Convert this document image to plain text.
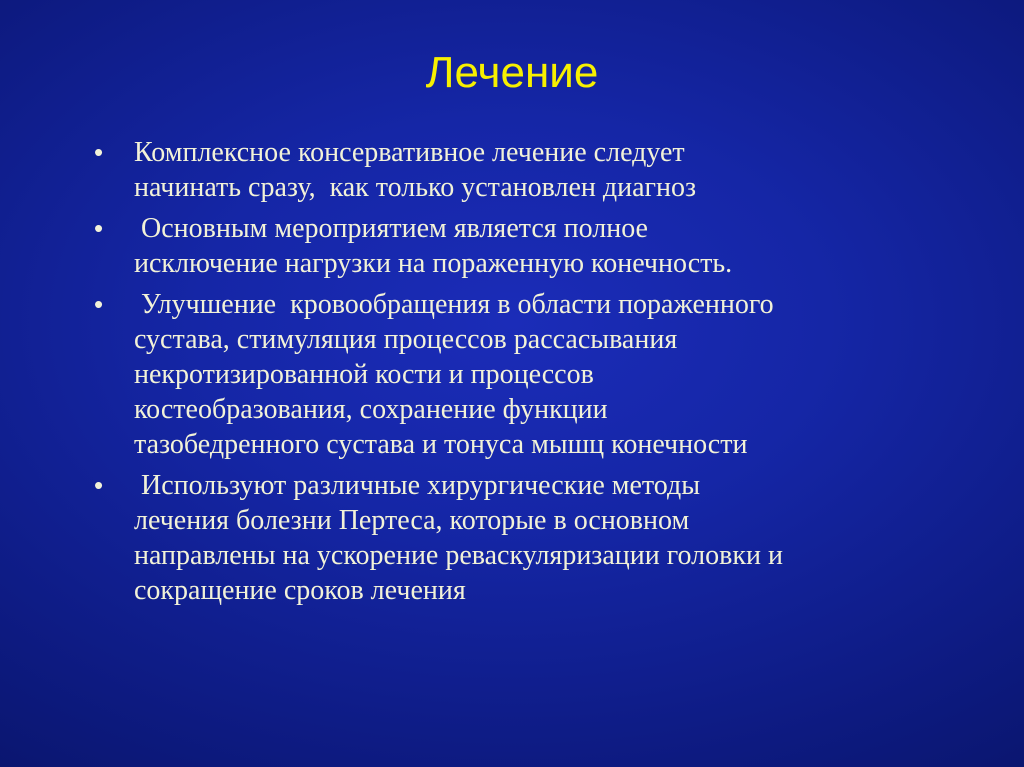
Лечение
• Комплексное консервативное лечение следует
начинать сразу,  как только установлен диагноз
• Основным мероприятием является полное
исключение нагрузки на пораженную конечность.
• Улучшение  кровообращения в области пораженного
сустава, стимуляция процессов рассасывания
некротизированной кости и процессов
костеобразования, сохранение функции
тазобедренного сустава и тонуса мышц конечности
• Используют различные хирургические методы
лечения болезни Пертеса, которые в основном
направлены на ускорение реваскуляризации головки и
сокращение сроков лечения
